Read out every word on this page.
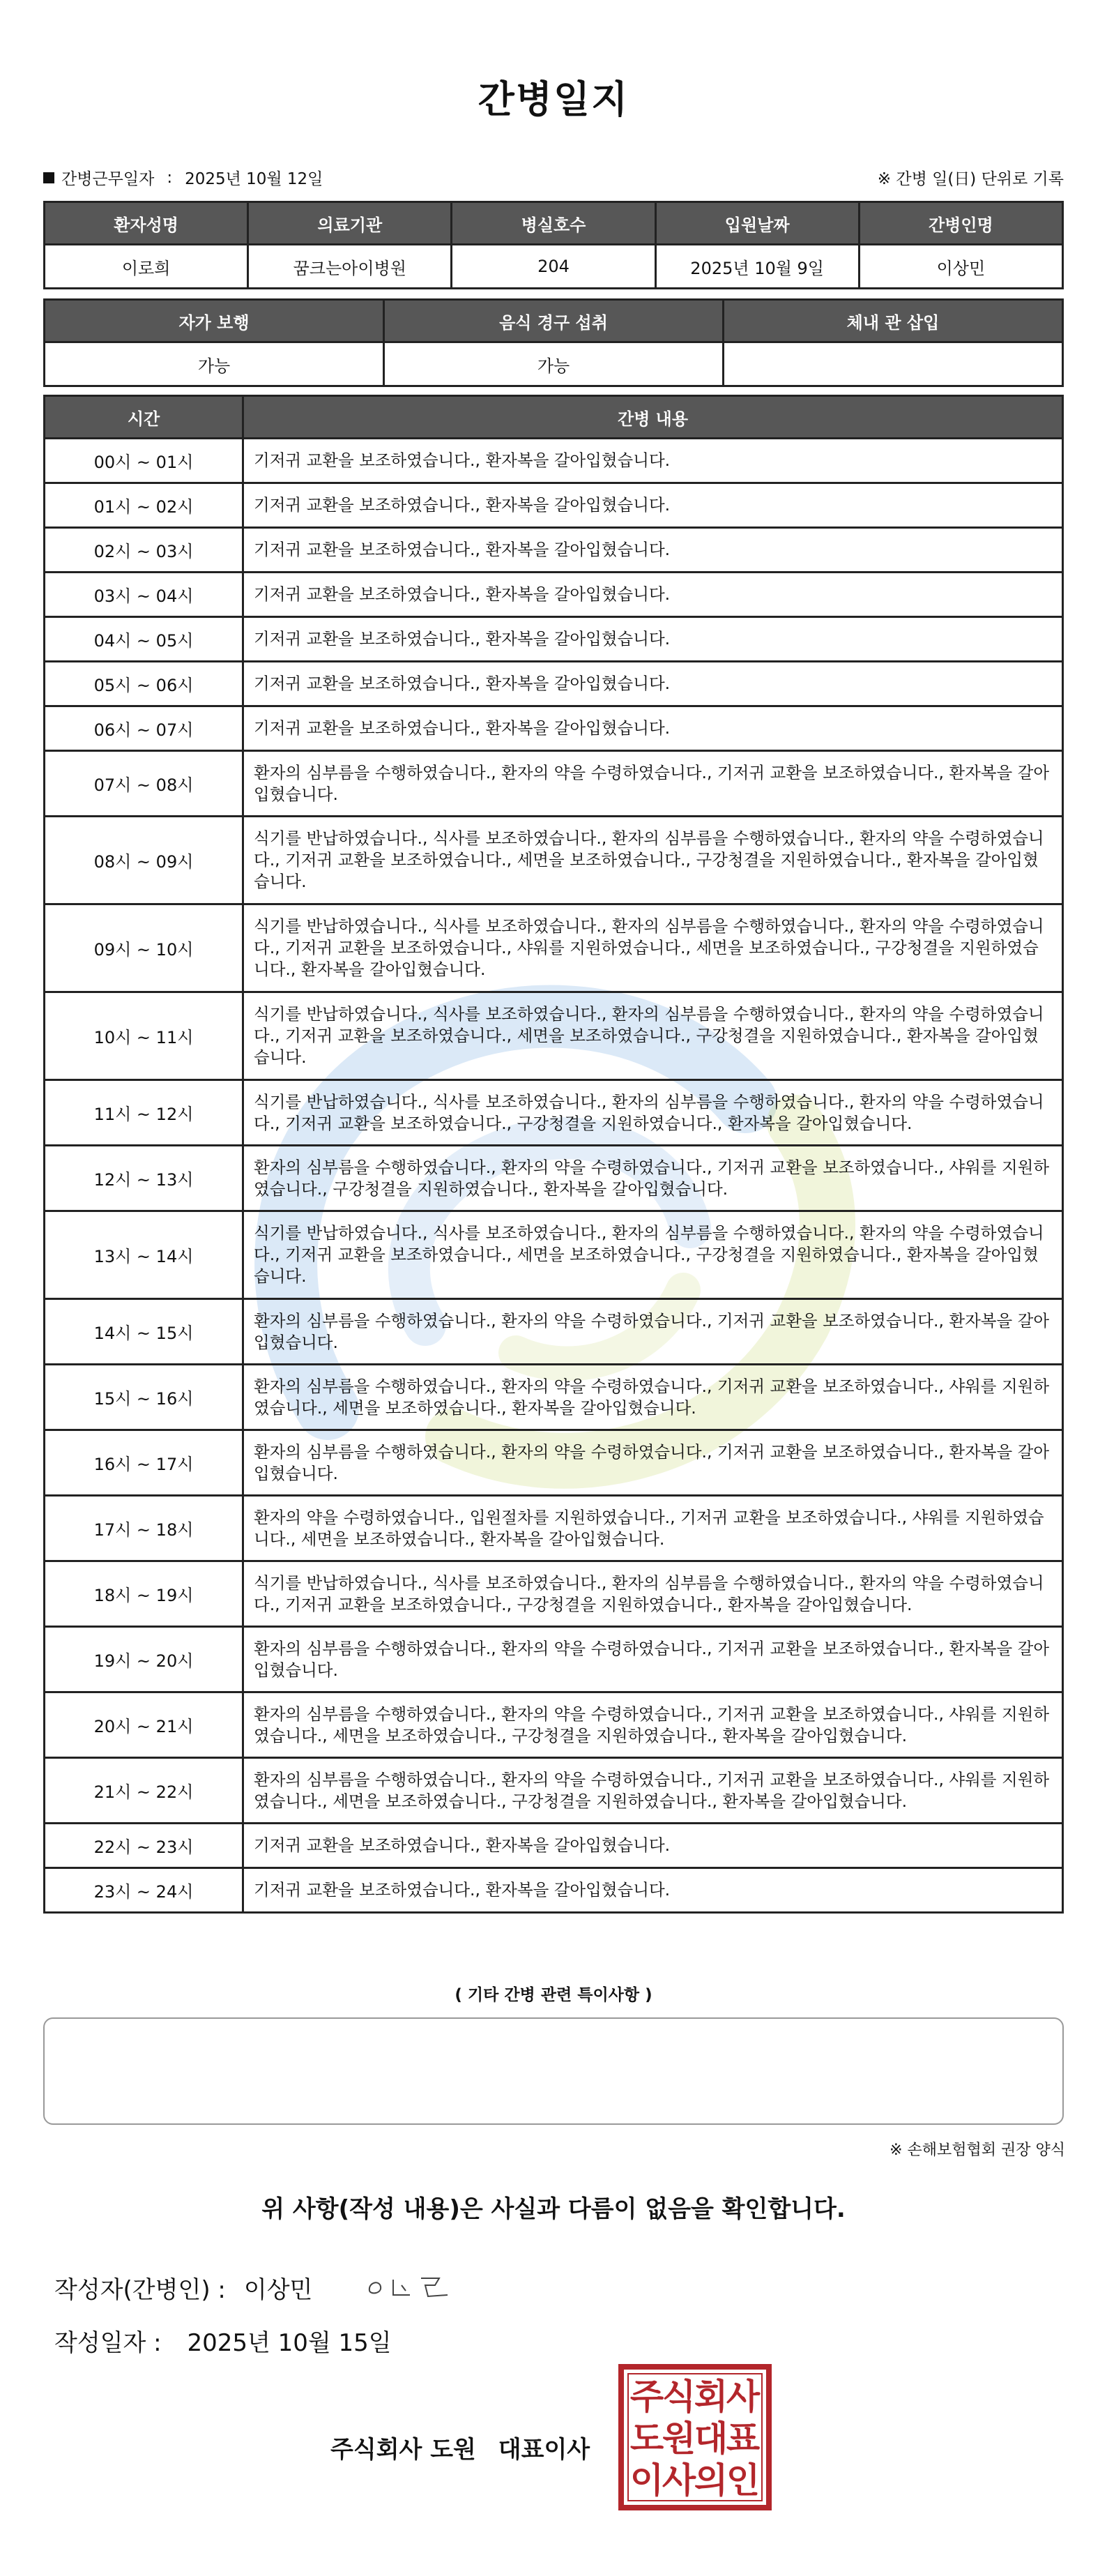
간병일지
간병근무일자 : 2025년 10월 12일	※ 간병 일(日) 단위로 기록
환자성명	의료기관	병실호수	입원날짜	간병인명
이로희	꿈크는아이병원	204	2025년 10월 9일	이상민
자가 보행	음식 경구 섭취	체내 관 삽입
가능	가능	
시간	간병 내용
00시 ~ 01시	기저귀 교환을 보조하였습니다., 환자복을 갈아입혔습니다.
01시 ~ 02시	기저귀 교환을 보조하였습니다., 환자복을 갈아입혔습니다.
02시 ~ 03시	기저귀 교환을 보조하였습니다., 환자복을 갈아입혔습니다.
03시 ~ 04시	기저귀 교환을 보조하였습니다., 환자복을 갈아입혔습니다.
04시 ~ 05시	기저귀 교환을 보조하였습니다., 환자복을 갈아입혔습니다.
05시 ~ 06시	기저귀 교환을 보조하였습니다., 환자복을 갈아입혔습니다.
06시 ~ 07시	기저귀 교환을 보조하였습니다., 환자복을 갈아입혔습니다.
07시 ~ 08시	환자의 심부름을 수행하였습니다., 환자의 약을 수령하였습니다., 기저귀 교환을 보조하였습니다., 환자복을 갈아입혔습니다.
08시 ~ 09시	식기를 반납하였습니다., 식사를 보조하였습니다., 환자의 심부름을 수행하였습니다., 환자의 약을 수령하였습니다., 기저귀 교환을 보조하였습니다., 세면을 보조하였습니다., 구강청결을 지원하였습니다., 환자복을 갈아입혔습니다.
09시 ~ 10시	식기를 반납하였습니다., 식사를 보조하였습니다., 환자의 심부름을 수행하였습니다., 환자의 약을 수령하였습니다., 기저귀 교환을 보조하였습니다., 샤워를 지원하였습니다., 세면을 보조하였습니다., 구강청결을 지원하였습니다., 환자복을 갈아입혔습니다.
10시 ~ 11시	식기를 반납하였습니다., 식사를 보조하였습니다., 환자의 심부름을 수행하였습니다., 환자의 약을 수령하였습니다., 기저귀 교환을 보조하였습니다., 세면을 보조하였습니다., 구강청결을 지원하였습니다., 환자복을 갈아입혔습니다.
11시 ~ 12시	식기를 반납하였습니다., 식사를 보조하였습니다., 환자의 심부름을 수행하였습니다., 환자의 약을 수령하였습니다., 기저귀 교환을 보조하였습니다., 구강청결을 지원하였습니다., 환자복을 갈아입혔습니다.
12시 ~ 13시	환자의 심부름을 수행하였습니다., 환자의 약을 수령하였습니다., 기저귀 교환을 보조하였습니다., 샤워를 지원하였습니다., 구강청결을 지원하였습니다., 환자복을 갈아입혔습니다.
13시 ~ 14시	식기를 반납하였습니다., 식사를 보조하였습니다., 환자의 심부름을 수행하였습니다., 환자의 약을 수령하였습니다., 기저귀 교환을 보조하였습니다., 세면을 보조하였습니다., 구강청결을 지원하였습니다., 환자복을 갈아입혔습니다.
14시 ~ 15시	환자의 심부름을 수행하였습니다., 환자의 약을 수령하였습니다., 기저귀 교환을 보조하였습니다., 환자복을 갈아입혔습니다.
15시 ~ 16시	환자의 심부름을 수행하였습니다., 환자의 약을 수령하였습니다., 기저귀 교환을 보조하였습니다., 샤워를 지원하였습니다., 세면을 보조하였습니다., 환자복을 갈아입혔습니다.
16시 ~ 17시	환자의 심부름을 수행하였습니다., 환자의 약을 수령하였습니다., 기저귀 교환을 보조하였습니다., 환자복을 갈아입혔습니다.
17시 ~ 18시	환자의 약을 수령하였습니다., 입원절차를 지원하였습니다., 기저귀 교환을 보조하였습니다., 샤워를 지원하였습니다., 세면을 보조하였습니다., 환자복을 갈아입혔습니다.
18시 ~ 19시	식기를 반납하였습니다., 식사를 보조하였습니다., 환자의 심부름을 수행하였습니다., 환자의 약을 수령하였습니다., 기저귀 교환을 보조하였습니다., 구강청결을 지원하였습니다., 환자복을 갈아입혔습니다.
19시 ~ 20시	환자의 심부름을 수행하였습니다., 환자의 약을 수령하였습니다., 기저귀 교환을 보조하였습니다., 환자복을 갈아입혔습니다.
20시 ~ 21시	환자의 심부름을 수행하였습니다., 환자의 약을 수령하였습니다., 기저귀 교환을 보조하였습니다., 샤워를 지원하였습니다., 세면을 보조하였습니다., 구강청결을 지원하였습니다., 환자복을 갈아입혔습니다.
21시 ~ 22시	환자의 심부름을 수행하였습니다., 환자의 약을 수령하였습니다., 기저귀 교환을 보조하였습니다., 샤워를 지원하였습니다., 세면을 보조하였습니다., 구강청결을 지원하였습니다., 환자복을 갈아입혔습니다.
22시 ~ 23시	기저귀 교환을 보조하였습니다., 환자복을 갈아입혔습니다.
23시 ~ 24시	기저귀 교환을 보조하였습니다., 환자복을 갈아입혔습니다.
( 기타 간병 관련 특이사항 )
※ 손해보험협회 권장 양식
위 사항(작성 내용)은 사실과 다름이 없음을 확인합니다.
작성자(간병인) : 이상민
작성일자 : 2025년 10월 15일
주식회사 도원 대표이사
주
식
회
사
도
원
대
표
이
사
의
인
